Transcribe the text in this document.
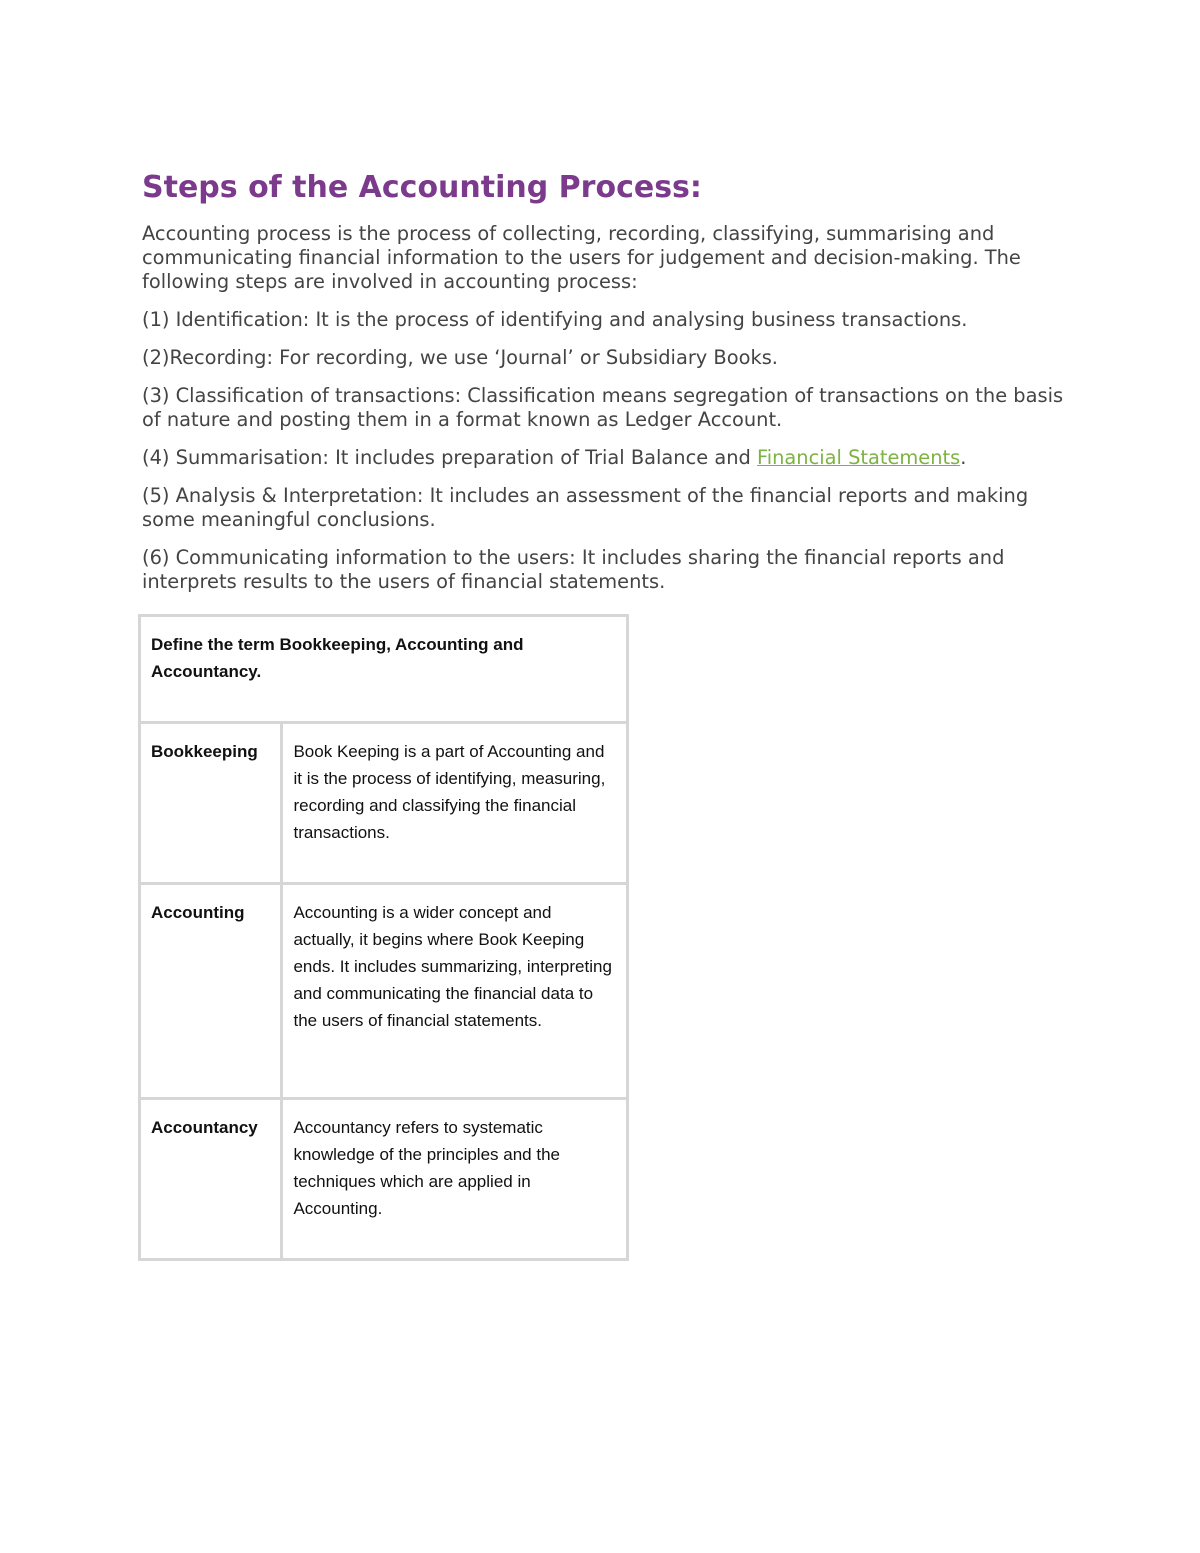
Steps of the Accounting Process:

Accounting process is the process of collecting, recording, classifying, summarising and communicating financial information to the users for judgement and decision-making. The following steps are involved in accounting process:

(1) Identification: It is the process of identifying and analysing business transactions.

(2)Recording: For recording, we use ‘Journal’ or Subsidiary Books.

(3) Classification of transactions: Classification means segregation of transactions on the basis of nature and posting them in a format known as Ledger Account.

(4) Summarisation: It includes preparation of Trial Balance and Financial Statements.

(5) Analysis & Interpretation: It includes an assessment of the financial reports and making some meaningful conclusions.

(6) Communicating information to the users: It includes sharing the financial reports and interprets results to the users of financial statements.

Define the term Bookkeeping, Accounting and Accountancy.	
Bookkeeping	Book Keeping is a part of Accounting and it is the process of identifying, measuring, recording and classifying the financial transactions.
Accounting	Accounting is a wider concept and actually, it begins where Book Keeping ends. It includes summarizing, interpreting and communicating the financial data to the users of financial statements.
Accountancy	Accountancy refers to systematic knowledge of the principles and the techniques which are applied in Accounting.
